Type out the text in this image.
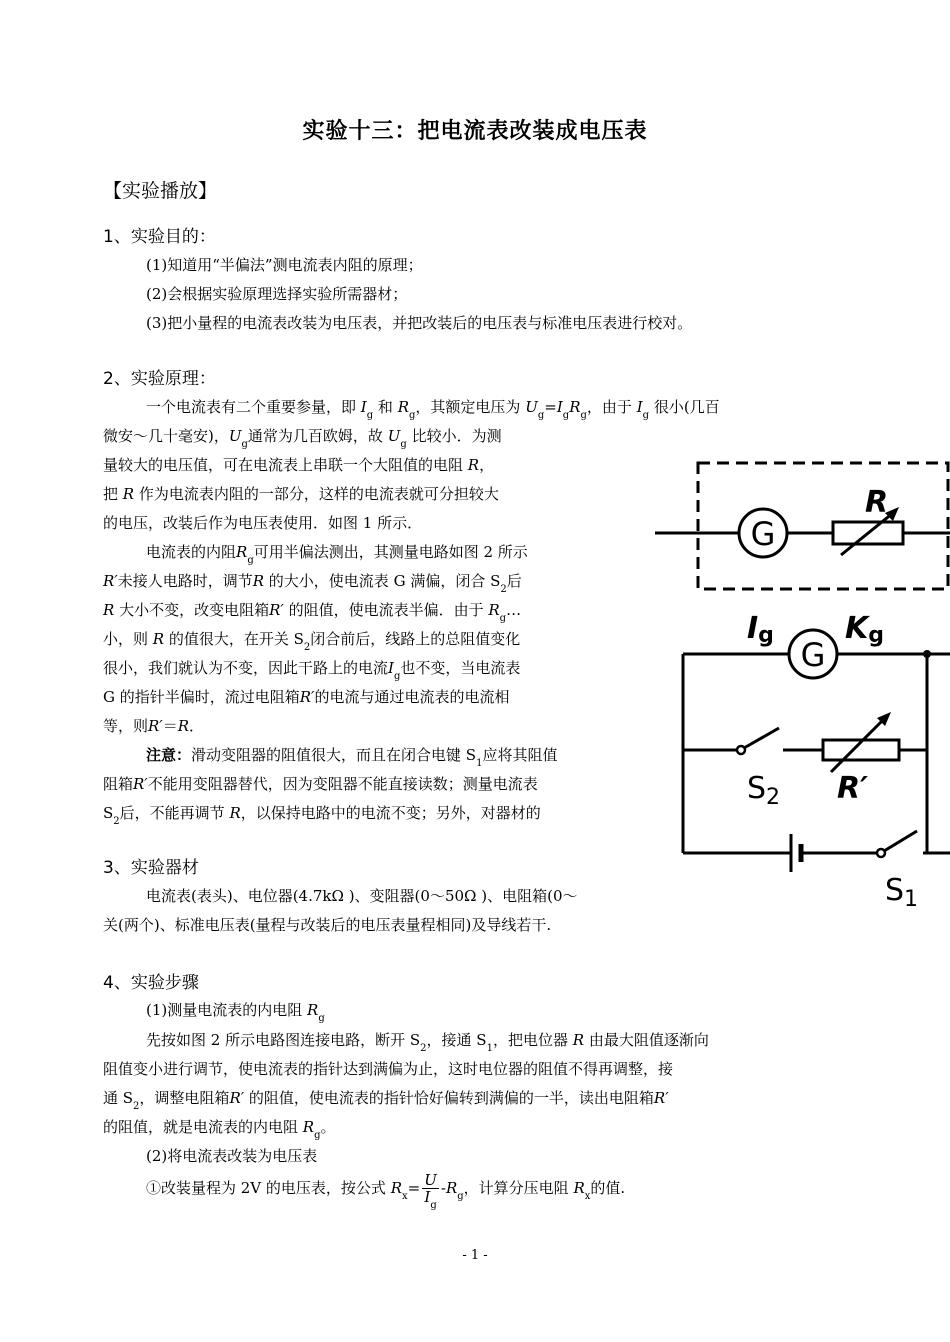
实验十三：把电流表改装成电压表
【实验播放】
1、实验目的：
(1)知道用“半偏法”测电流表内阻的原理；
(2)会根据实验原理选择实验所需器材；
(3)把小量程的电流表改装为电压表，并把改装后的电压表与标准电压表进行校对。
2、实验原理：
一个电流表有二个重要参量，即 $I_g$ 和 $R_g$，其额定电压为 $U_g=I_gR_g$，由于 $I_g$ 很小(几百
微安～几十毫安)，$U_g$通常为几百欧姆，故 $U_g$ 比较小．为测
量较大的电压值，可在电流表上串联一个大阻值的电阻 R，
把 R 作为电流表内阻的一部分，这样的电流表就可分担较大
的电压，改装后作为电压表使用．如图 1 所示．
电流表的内阻$R_g$可用半偏法测出，其测量电路如图 2 所示
R′未接人电路时，调节R 的大小，使电流表 G 满偏，闭合 $S_2$后
R 大小不变，改变电阻箱R′ 的阻值，使电流表半偏．由于 $R_g\dots$
小，则 R 的值很大，在开关 $S_2$闭合前后，线路上的总阻值变化
很小，我们就认为不变，因此干路上的电流$I_g$也不变，当电流表
G 的指针半偏时，流过电阻箱R′的电流与通过电流表的电流相
等，则R′＝R．
注意：滑动变阻器的阻值很大，而且在闭合电键 $S_1$应将其阻值
阻箱R′不能用变阻器替代，因为变阻器不能直接读数；测量电流表
$S_2$后，不能再调节 R，以保持电路中的电流不变；另外，对器材的
G
R
Ig Kg
G
$S_2$ R′
$S_1$
3、实验器材
电流表(表头)、电位器(4.7kΩ )、变阻器(0～50Ω )、电阻箱(0～
关(两个)、标准电压表(量程与改装后的电压表量程相同)及导线若干.
4、实验步骤
(1)测量电流表的内电阻 $R_g$
先按如图 2 所示电路图连接电路，断开 $S_2$，接通 $S_1$，把电位器 R 由最大阻值逐渐向
阻值变小进行调节，使电流表的指针达到满偏为止，这时电位器的阻值不得再调整，接
通 $S_2$，调整电阻箱R′ 的阻值，使电流表的指针恰好偏转到满偏的一半，读出电阻箱R′
的阻值，就是电流表的内电阻 $R_g$。
(2)将电流表改装为电压表
①改装量程为 2V 的电压表，按公式 $R_x= \frac{U}{I_g} -R_g$，计算分压电阻 $R_x$的值.
- 1 -
